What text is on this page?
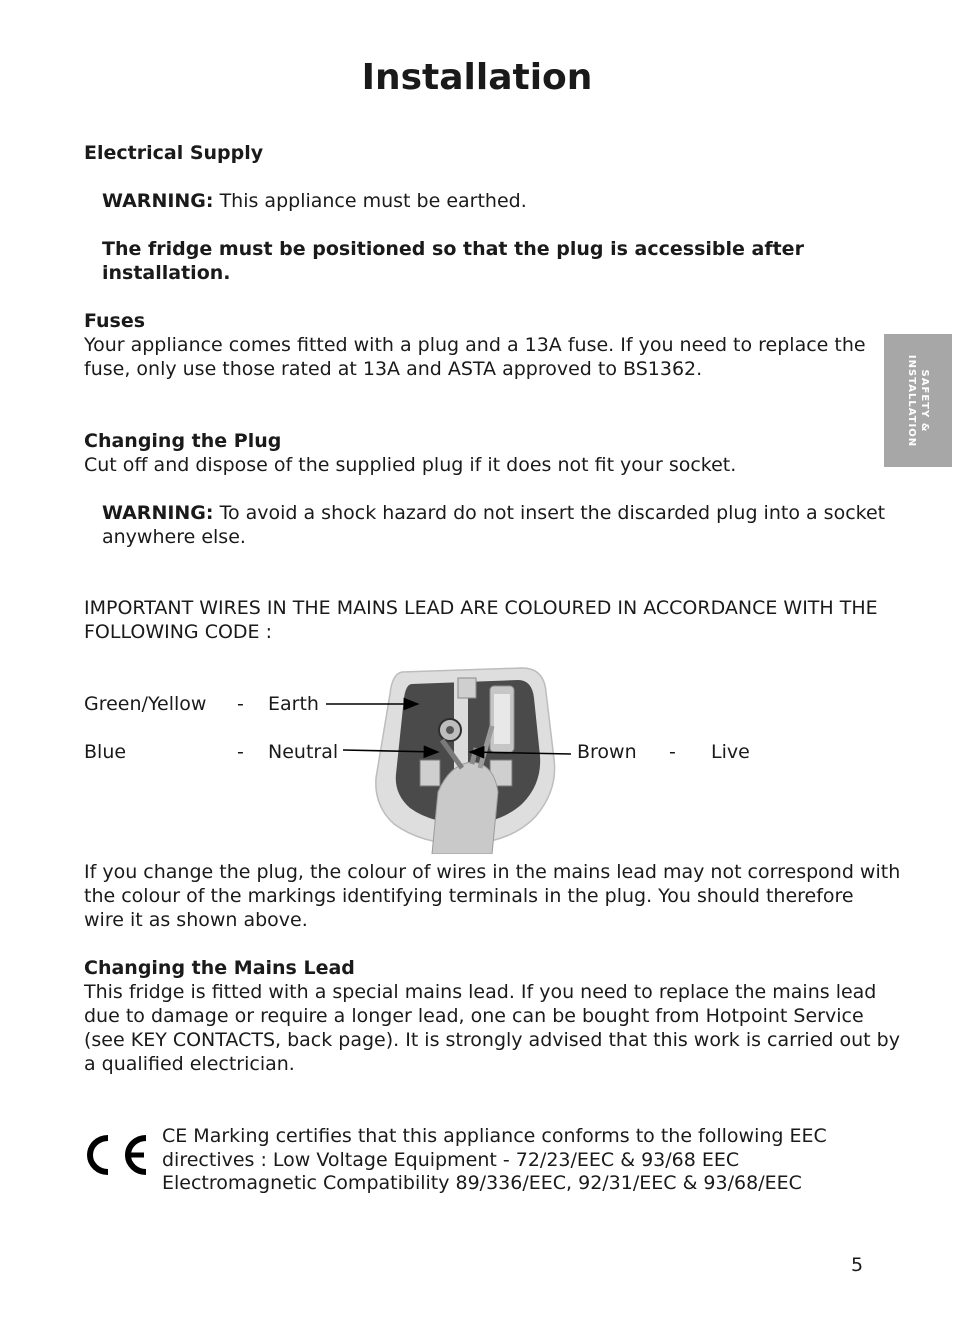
Installation
SAFETY &
INSTALLATION
Electrical Supply
WARNING: This appliance must be earthed.
The fridge must be positioned so that the plug is accessible after
installation.
Fuses
Your appliance comes fitted with a plug and a 13A fuse. If you need to replace the
fuse, only use those rated at 13A and ASTA approved to BS1362.
Changing the Plug
Cut off and dispose of the supplied plug if it does not fit your socket.
WARNING: To avoid a shock hazard do not insert the discarded plug into a socket
anywhere else.
IMPORTANT WIRES IN THE MAINS LEAD ARE COLOURED IN ACCORDANCE WITH THE
FOLLOWING CODE :
Green/Yellow - Earth
Blue	- Neutral	Brown - Live
If you change the plug, the colour of wires in the mains lead may not correspond with
the colour of the markings identifying terminals in the plug. You should therefore
wire it as shown above.
Changing the Mains Lead
This fridge is fitted with a special mains lead. If you need to replace the mains lead
due to damage or require a longer lead, one can be bought from Hotpoint Service
(see KEY CONTACTS, back page). It is strongly advised that this work is carried out by
a qualified electrician.
CE Marking certifies that this appliance conforms to the following EEC
directives : Low Voltage Equipment - 72/23/EEC & 93/68 EEC
Electromagnetic Compatibility 89/336/EEC, 92/31/EEC & 93/68/EEC
5
